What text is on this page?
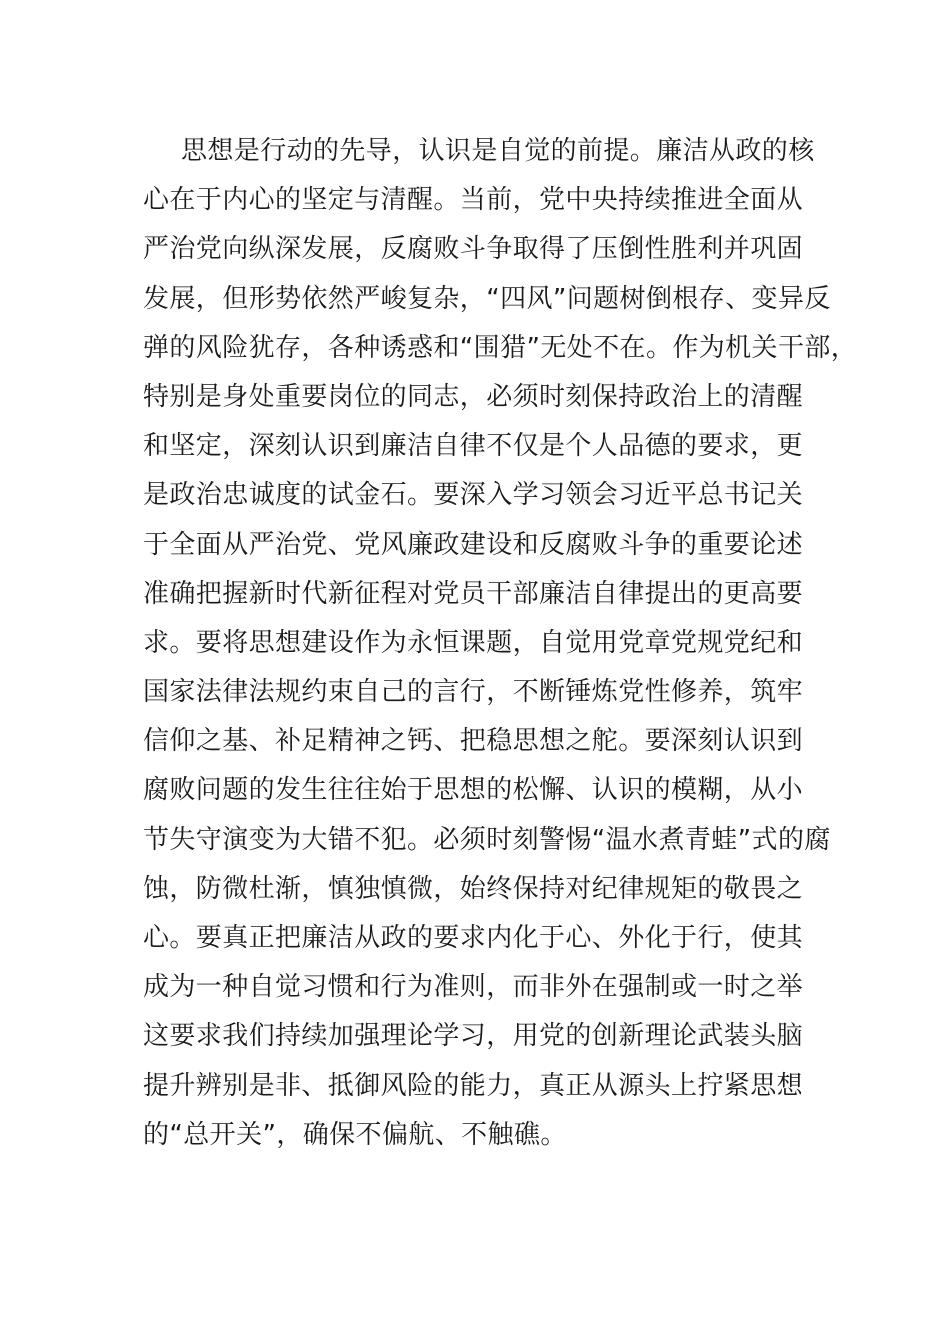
思想是行动的先导，认识是自觉的前提。廉洁从政的核
心在于内心的坚定与清醒。当前，党中央持续推进全面从
严治党向纵深发展，反腐败斗争取得了压倒性胜利并巩固
发展，但形势依然严峻复杂，“四风”问题树倒根存、变异反
弹的风险犹存，各种诱惑和“围猎”无处不在。作为机关干部，
特别是身处重要岗位的同志，必须时刻保持政治上的清醒
和坚定，深刻认识到廉洁自律不仅是个人品德的要求，更
是政治忠诚度的试金石。要深入学习领会习近平总书记关
于全面从严治党、党风廉政建设和反腐败斗争的重要论述
准确把握新时代新征程对党员干部廉洁自律提出的更高要
求。要将思想建设作为永恒课题，自觉用党章党规党纪和
国家法律法规约束自己的言行，不断锤炼党性修养，筑牢
信仰之基、补足精神之钙、把稳思想之舵。要深刻认识到
腐败问题的发生往往始于思想的松懈、认识的模糊，从小
节失守演变为大错不犯。必须时刻警惕“温水煮青蛙”式的腐
蚀，防微杜渐，慎独慎微，始终保持对纪律规矩的敬畏之
心。要真正把廉洁从政的要求内化于心、外化于行，使其
成为一种自觉习惯和行为准则，而非外在强制或一时之举
这要求我们持续加强理论学习，用党的创新理论武装头脑
提升辨别是非、抵御风险的能力，真正从源头上拧紧思想
的“总开关”，确保不偏航、不触礁。
